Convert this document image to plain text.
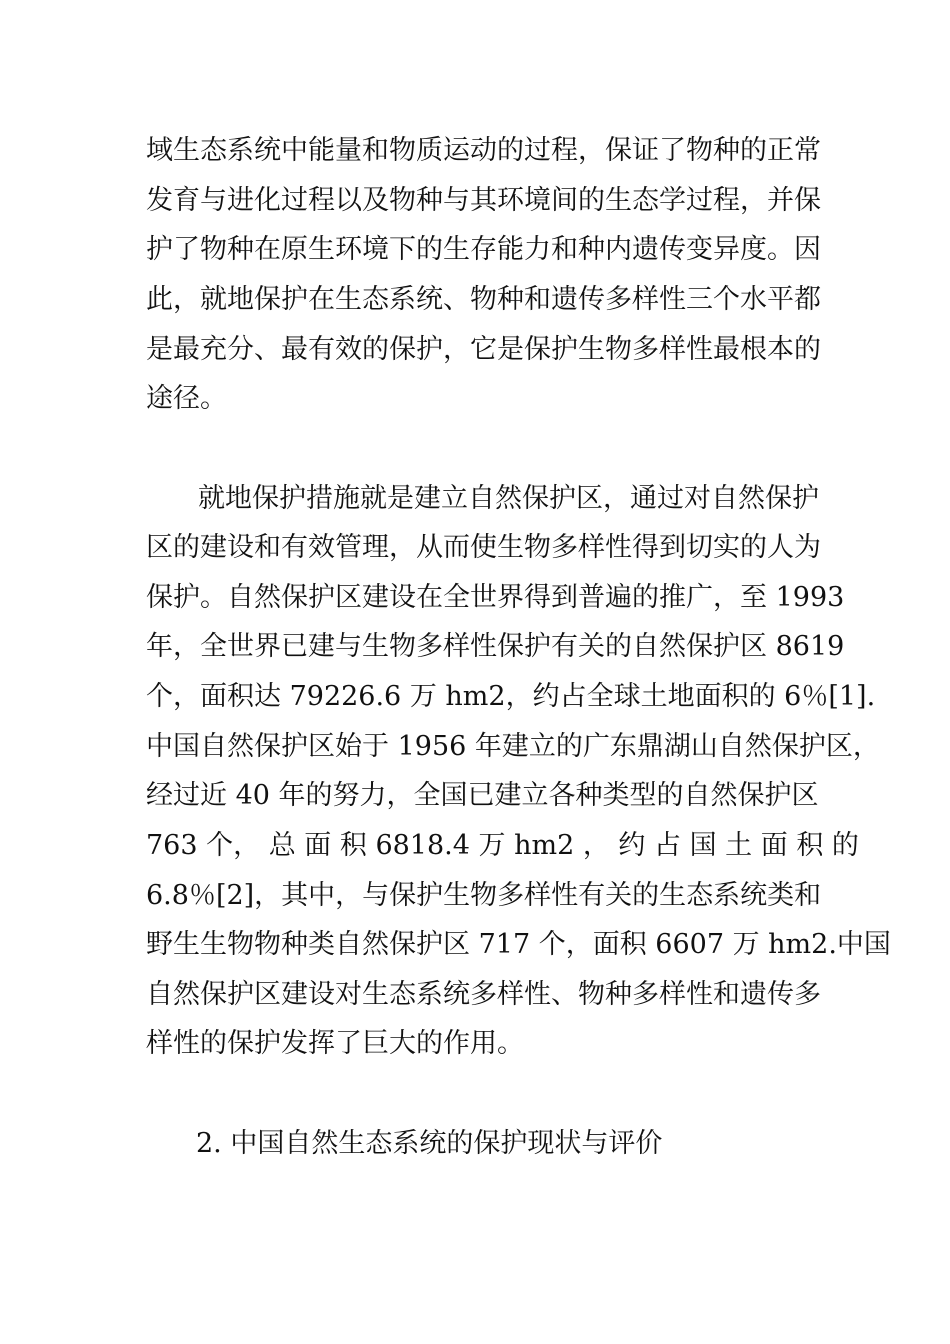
域生态系统中能量和物质运动的过程，保证了物种的正常
发育与进化过程以及物种与其环境间的生态学过程，并保
护了物种在原生环境下的生存能力和种内遗传变异度。因
此，就地保护在生态系统、物种和遗传多样性三个水平都
是最充分、最有效的保护，它是保护生物多样性最根本的
途径。
就地保护措施就是建立自然保护区，通过对自然保护
区的建设和有效管理，从而使生物多样性得到切实的人为
保护。自然保护区建设在全世界得到普遍的推广，至 1993
年，全世界已建与生物多样性保护有关的自然保护区 8619
个，面积达 79226.6 万 hm2，约占全球土地面积的 6％[1].
中国自然保护区始于 1956 年建立的广东鼎湖山自然保护区，
经过近 40 年的努力，全国已建立各种类型的自然保护区
763 个， 总 面 积 6818.4 万 hm2 ， 约 占 国 土 面 积 的
6.8％[2]，其中，与保护生物多样性有关的生态系统类和
野生生物物种类自然保护区 717 个，面积 6607 万 hm2.中国
自然保护区建设对生态系统多样性、物种多样性和遗传多
样性的保护发挥了巨大的作用。
2. 中国自然生态系统的保护现状与评价
